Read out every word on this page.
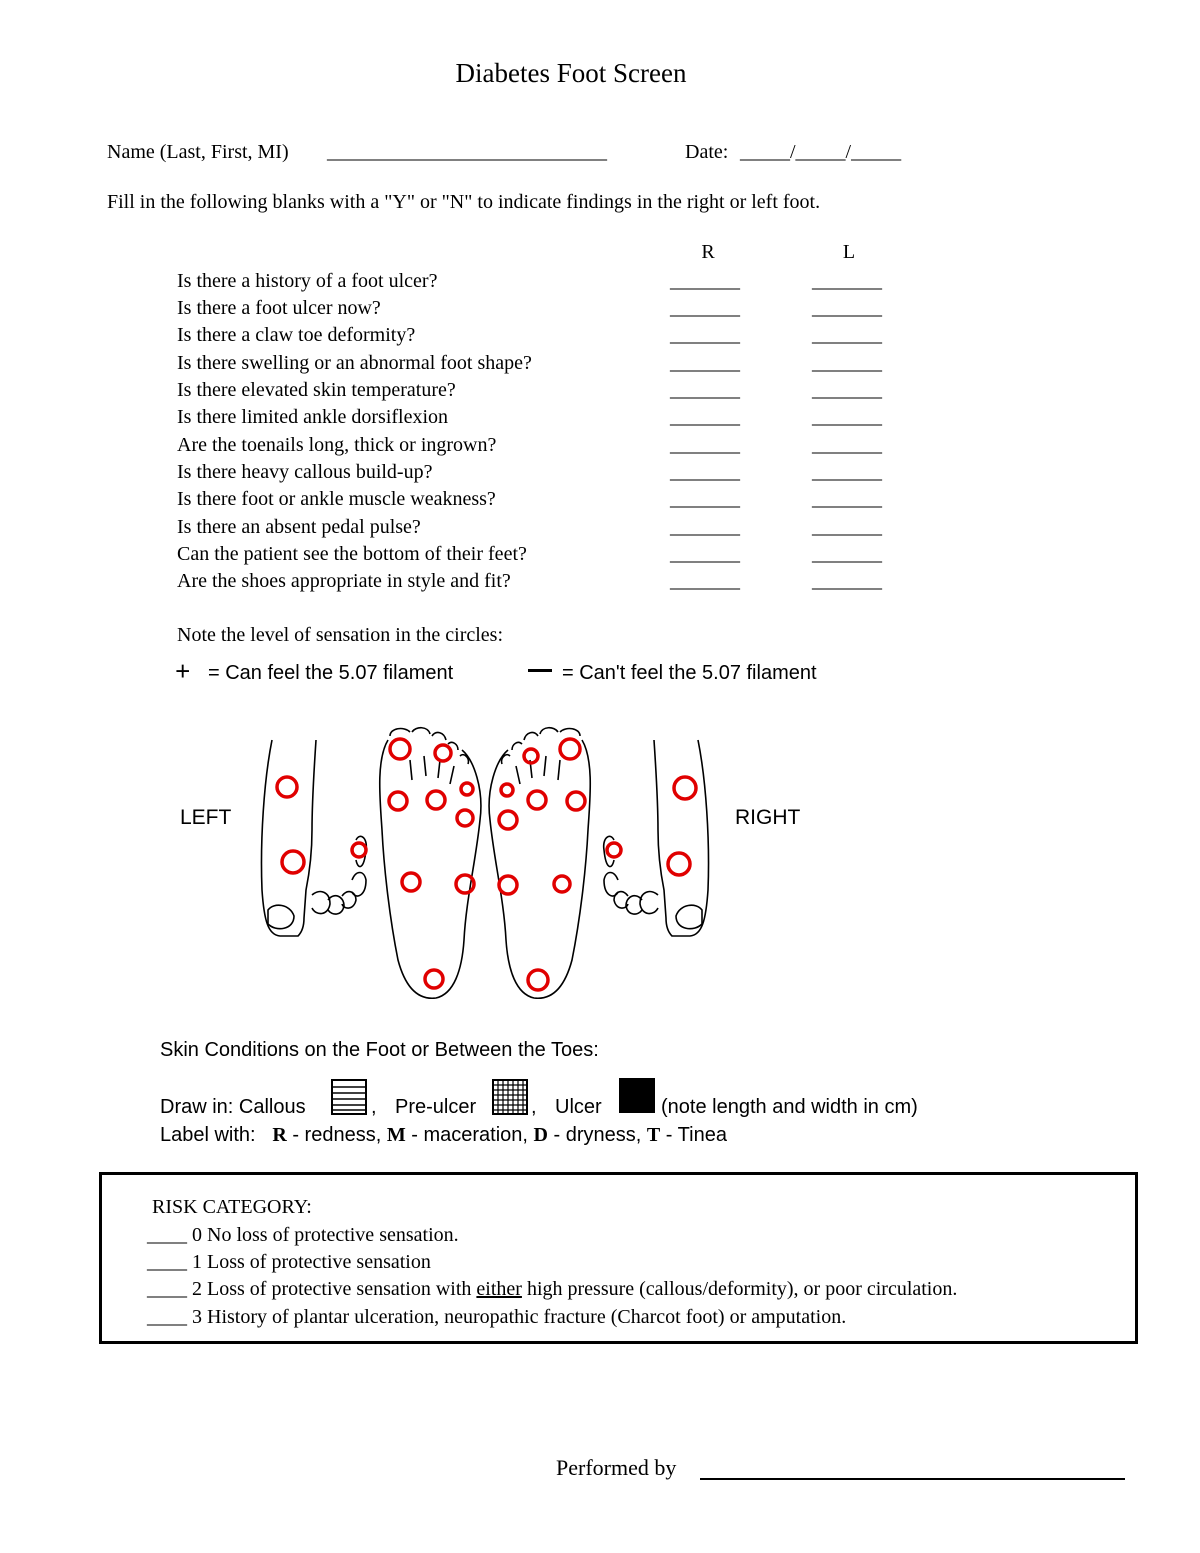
Diabetes Foot Screen
Name (Last, First, MI) ____________________________	Date: _____/_____/_____
Fill in the following blanks with a "Y" or "N" to indicate findings in the right or left foot.
R	L
Is there a history of a foot ulcer?	_______	_______
Is there a foot ulcer now?	_______	_______
Is there a claw toe deformity?	_______	_______
Is there swelling or an abnormal foot shape?	_______	_______
Is there elevated skin temperature?	_______	_______
Is there limited ankle dorsiflexion	_______	_______
Are the toenails long, thick or ingrown?	_______	_______
Is there heavy callous build-up?	_______	_______
Is there foot or ankle muscle weakness?	_______	_______
Is there an absent pedal pulse?	_______	_______
Can the patient see the bottom of their feet?	_______	_______
Are the shoes appropriate in style and fit?	_______	_______
Note the level of sensation in the circles:
+ = Can feel the 5.07 filament	= Can't feel the 5.07 filament
LEFT	RIGHT
Skin Conditions on the Foot or Between the Toes:
Draw in: Callous	, Pre-ulcer	, Ulcer	(note length and width in cm)
Label with: R - redness, M - maceration, D - dryness, T - Tinea
RISK CATEGORY:
____ 0 No loss of protective sensation.
____ 1 Loss of protective sensation
____ 2 Loss of protective sensation with either high pressure (callous/deformity), or poor circulation.
____ 3 History of plantar ulceration, neuropathic fracture (Charcot foot) or amputation.
Performed by
